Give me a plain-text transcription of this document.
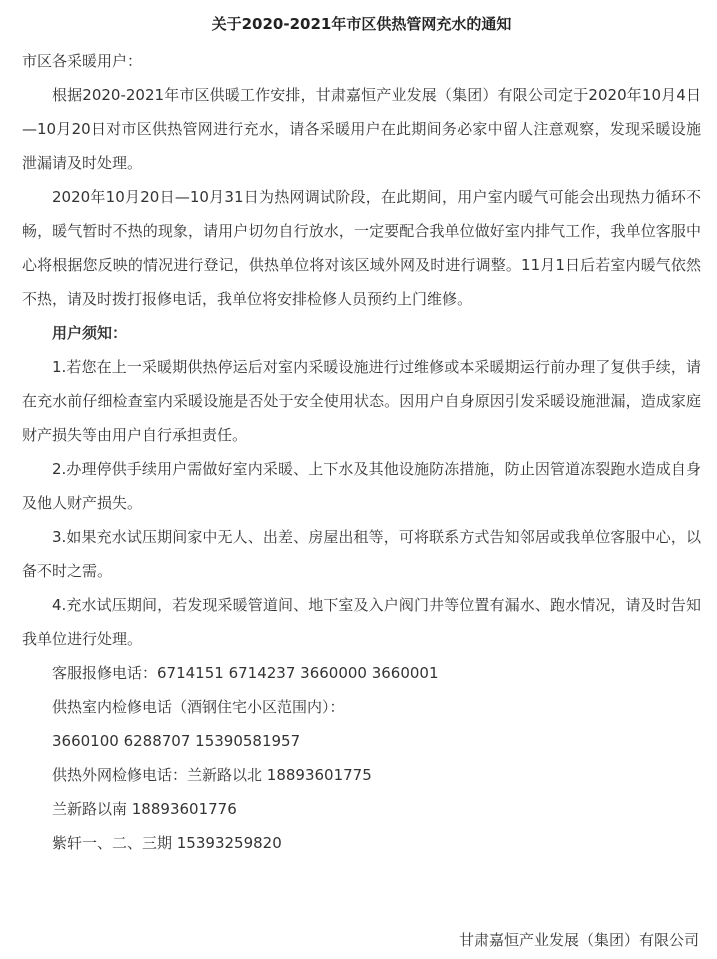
关于2020-2021年市区供热管网充水的通知

市区各采暖用户：

根据2020-2021年市区供暖工作安排，甘肃嘉恒产业发展（集团）有限公司定于2020年10月4日—10月20日对市区供热管网进行充水，请各采暖用户在此期间务必家中留人注意观察，发现采暖设施泄漏请及时处理。

2020年10月20日—10月31日为热网调试阶段，在此期间，用户室内暖气可能会出现热力循环不畅，暖气暂时不热的现象，请用户切勿自行放水，一定要配合我单位做好室内排气工作，我单位客服中心将根据您反映的情况进行登记，供热单位将对该区域外网及时进行调整。11月1日后若室内暖气依然不热，请及时拨打报修电话，我单位将安排检修人员预约上门维修。

用户须知：

1.若您在上一采暖期供热停运后对室内采暖设施进行过维修或本采暖期运行前办理了复供手续，请在充水前仔细检查室内采暖设施是否处于安全使用状态。因用户自身原因引发采暖设施泄漏，造成家庭财产损失等由用户自行承担责任。

2.办理停供手续用户需做好室内采暖、上下水及其他设施防冻措施，防止因管道冻裂跑水造成自身及他人财产损失。

3.如果充水试压期间家中无人、出差、房屋出租等，可将联系方式告知邻居或我单位客服中心，以备不时之需。

4.充水试压期间，若发现采暖管道间、地下室及入户阀门井等位置有漏水、跑水情况，请及时告知我单位进行处理。

客服报修电话：6714151 6714237 3660000 3660001

供热室内检修电话（酒钢住宅小区范围内）：

3660100 6288707 15390581957

供热外网检修电话：兰新路以北 18893601775

兰新路以南 18893601776

紫轩一、二、三期 15393259820

甘肃嘉恒产业发展（集团）有限公司
